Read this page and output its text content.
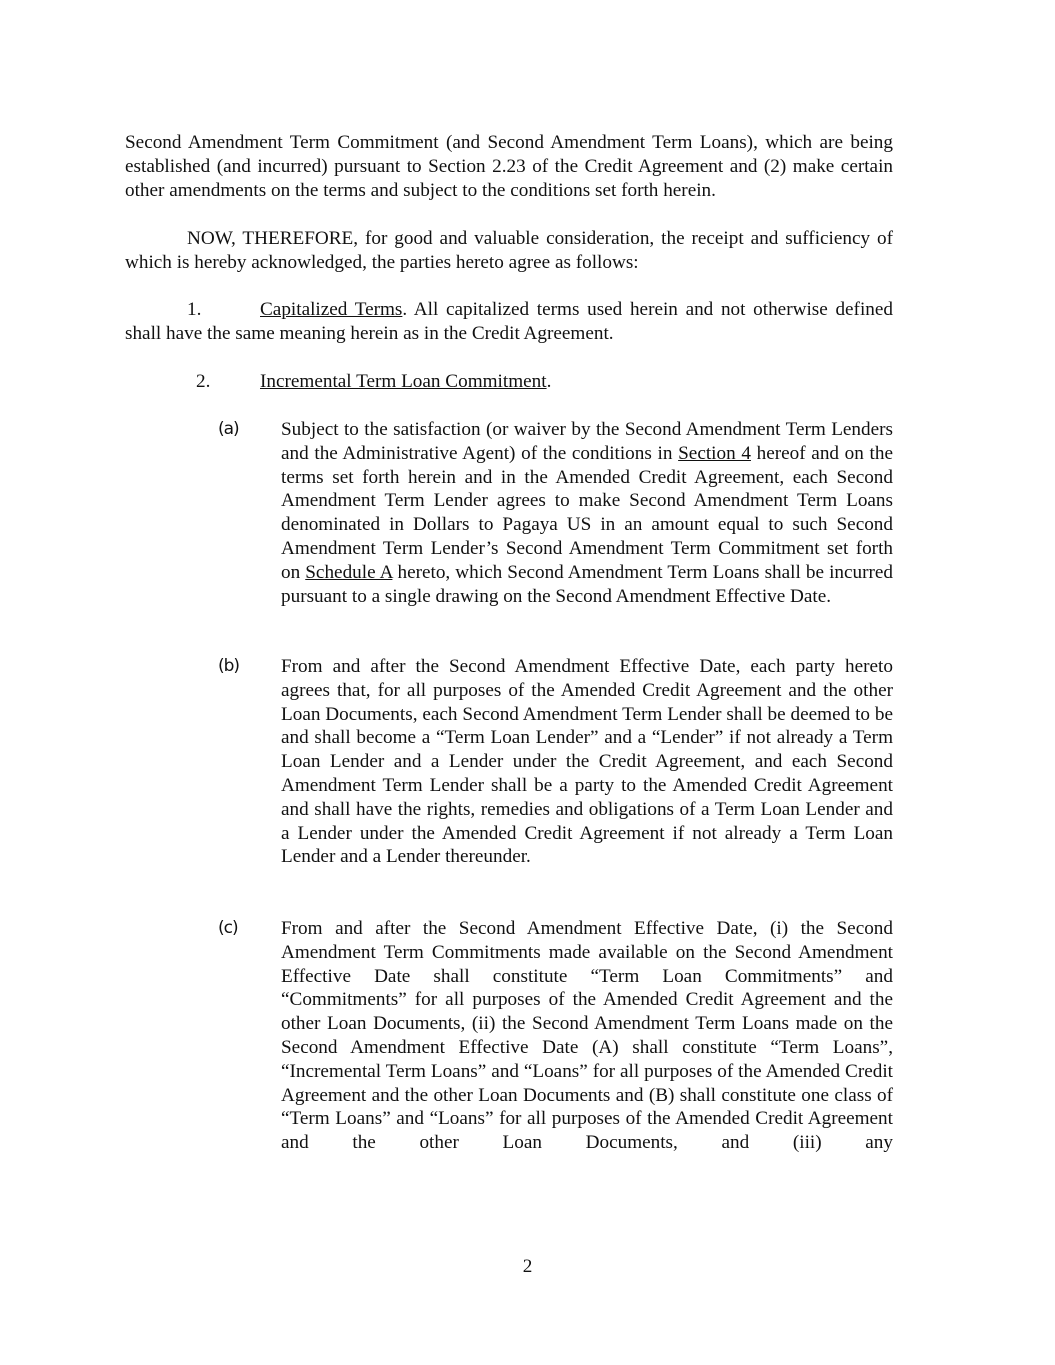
Second Amendment Term Commitment (and Second Amendment Term Loans), which are being established (and incurred) pursuant to Section 2.23 of the Credit Agreement and (2) make certain other amendments on the terms and subject to the conditions set forth herein.

NOW, THEREFORE, for good and valuable consideration, the receipt and sufficiency of which is hereby acknowledged, the parties hereto agree as follows:

1.	Capitalized Terms. All capitalized terms used herein and not otherwise defined shall have the same meaning herein as in the Credit Agreement.

2.	Incremental Term Loan Commitment.

(a) Subject to the satisfaction (or waiver by the Second Amendment Term Lenders and the Administrative Agent) of the conditions in Section 4 hereof and on the terms set forth herein and in the Amended Credit Agreement, each Second Amendment Term Lender agrees to make Second Amendment Term Loans denominated in Dollars to Pagaya US in an amount equal to such Second Amendment Term Lender’s Second Amendment Term Commitment set forth on Schedule A hereto, which Second Amendment Term Loans shall be incurred pursuant to a single drawing on the Second Amendment Effective Date.

(b) From and after the Second Amendment Effective Date, each party hereto agrees that, for all purposes of the Amended Credit Agreement and the other Loan Documents, each Second Amendment Term Lender shall be deemed to be and shall become a “Term Loan Lender” and a “Lender” if not already a Term Loan Lender and a Lender under the Credit Agreement, and each Second Amendment Term Lender shall be a party to the Amended Credit Agreement and shall have the rights, remedies and obligations of a Term Loan Lender and a Lender under the Amended Credit Agreement if not already a Term Loan Lender and a Lender thereunder.

(c) From and after the Second Amendment Effective Date, (i) the Second Amendment Term Commitments made available on the Second Amendment Effective Date shall constitute “Term Loan Commitments” and “Commitments” for all purposes of the Amended Credit Agreement and the other Loan Documents, (ii) the Second Amendment Term Loans made on the Second Amendment Effective Date (A) shall constitute “Term Loans”, “Incremental Term Loans” and “Loans” for all purposes of the Amended Credit Agreement and the other Loan Documents and (B) shall constitute one class of “Term Loans” and “Loans” for all purposes of the Amended Credit Agreement and the other Loan Documents, and (iii) any

2
